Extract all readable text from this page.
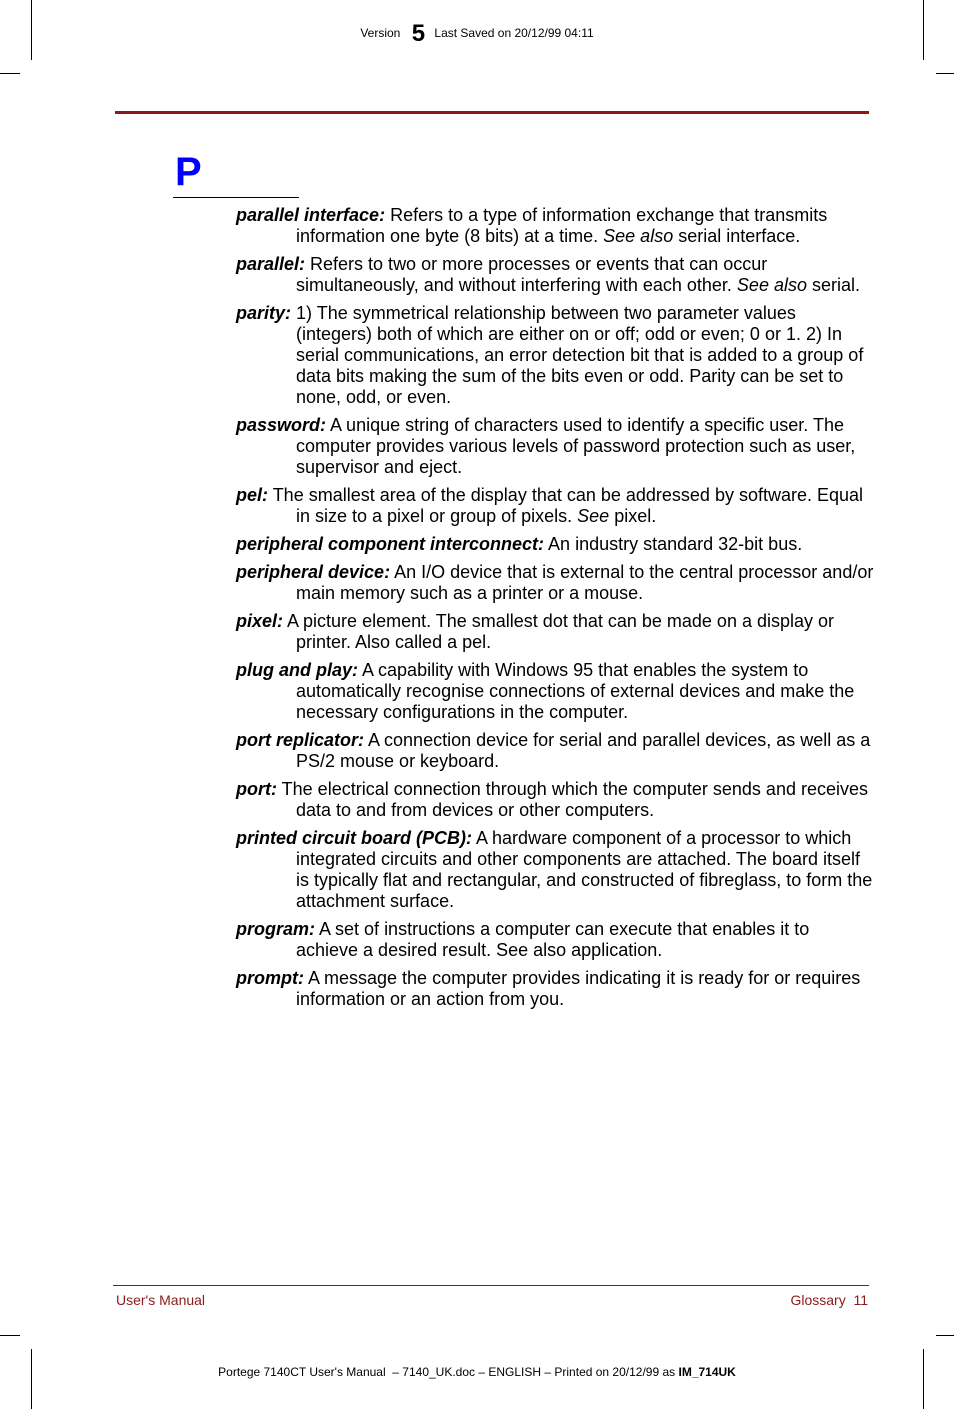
Version 5 Last Saved on 20/12/99 04:11
P

parallel interface: Refers to a type of information exchange that transmits information one byte (8 bits) at a time. See also serial interface.

parallel: Refers to two or more processes or events that can occur simultaneously, and without interfering with each other. See also serial.

parity: 1) The symmetrical relationship between two parameter values (integers) both of which are either on or off; odd or even; 0 or 1. 2) In serial communications, an error detection bit that is added to a group of data bits making the sum of the bits even or odd. Parity can be set to none, odd, or even.

password: A unique string of characters used to identify a specific user. The computer provides various levels of password protection such as user, supervisor and eject.

pel: The smallest area of the display that can be addressed by software. Equal in size to a pixel or group of pixels. See pixel.

peripheral component interconnect: An industry standard 32-bit bus.

peripheral device: An I/O device that is external to the central processor and/or main memory such as a printer or a mouse.

pixel: A picture element. The smallest dot that can be made on a display or printer. Also called a pel.

plug and play: A capability with Windows 95 that enables the system to automatically recognise connections of external devices and make the necessary configurations in the computer.

port replicator: A connection device for serial and parallel devices, as well as a PS/2 mouse or keyboard.

port: The electrical connection through which the computer sends and receives data to and from devices or other computers.

printed circuit board (PCB): A hardware component of a processor to which integrated circuits and other components are attached. The board itself is typically flat and rectangular, and constructed of fibreglass, to form the attachment surface.

program: A set of instructions a computer can execute that enables it to achieve a desired result. See also application.

prompt: A message the computer provides indicating it is ready for or requires information or an action from you.

User's Manual	Glossary  11
Portege 7140CT User's Manual  – 7140_UK.doc – ENGLISH – Printed on 20/12/99 as IM_714UK
